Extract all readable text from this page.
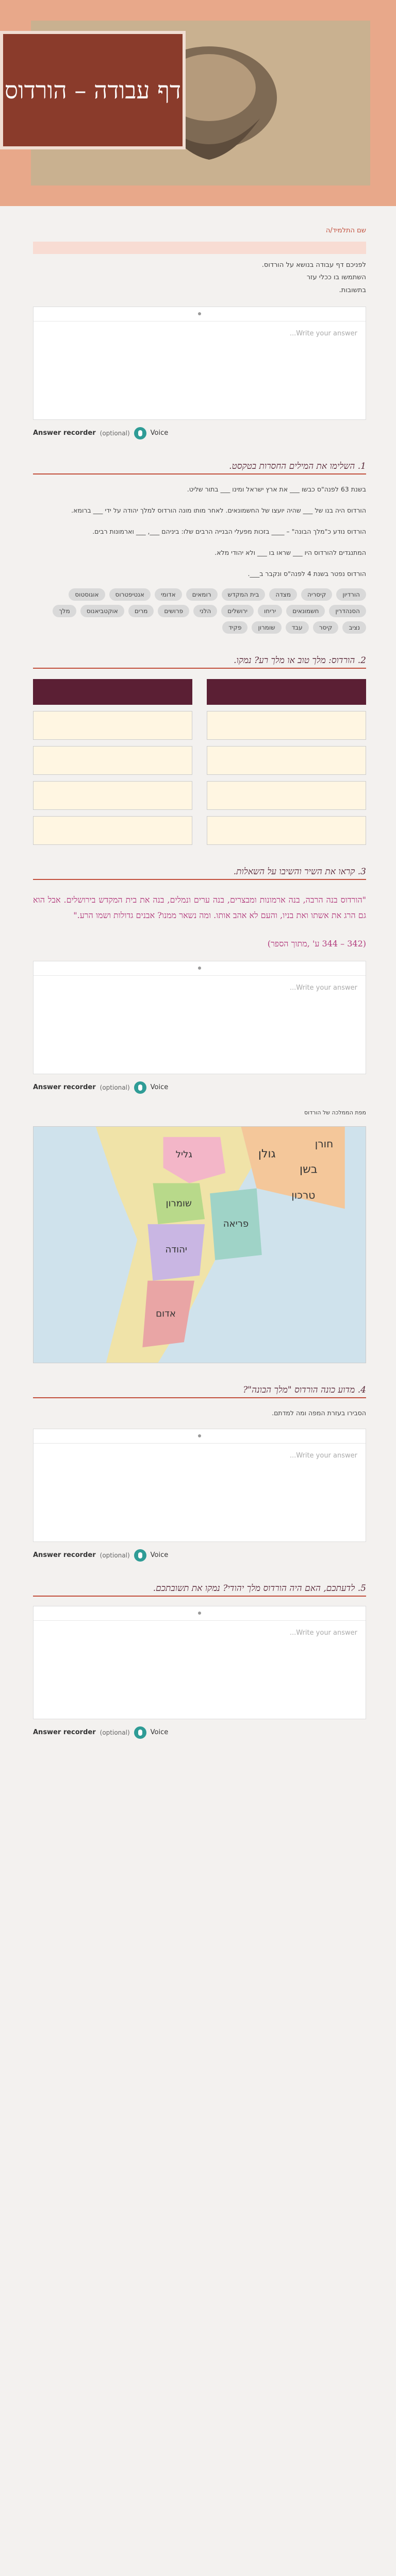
דף עבודה – הורדוס
שם התלמיד/ה
לפניכם דף עבודה בנושא על הורדוס.
השתמשו בו ככלי עזר
בתשובות.
Write your answer...
Answer recorder (optional)	Voice
1. השלימו את המילים החסרות בטקסט.
בשנת 63 לפנה"ס כבשו ___ את ארץ ישראל ומינו ___ בתור שליט.
הורדוס היה בנו של ___ שהיה יועצו של החשמונאים. לאחר מותו מונה הורדוס למלך יהודה על ידי ___ ברומא.
הורדוס נודע כ"מלך הבונה" – ____ בזכות מפעלי הבנייה הרבים שלו: ביניהם ___, ___ וארמונות רבים.
המתנגדים להורדוס היו ___ שראו בו ___ ולא יהודי מלא.
הורדוס נפטר בשנת 4 לפנה"ס ונקבר ב___.
הורדיון
קיסריה
מצדה
בית המקדש
רומאים
אדומי
אנטיפטרוס
אוגוסטוס
הסנהדרין
חשמונאים
יריחו
ירושלים
הלני
פרושים
מרים
אוקטביאנוס
מלך
נציב
קיסר
עבד
שומרון
פקיד
2. הורדוס: מלך טוב או מלך רע? נמקו.
3. קראו את השיר והשיבו על השאלות.
"הורדוס בנה הרבה, בנה ארמונות ומבצרים, בנה ערים ונמלים, בנה את בית המקדש בירושלים. אבל הוא גם הרג את אשתו ואת בניו, והעם לא אהב אותו. ומה נשאר ממנו? אבנים גדולות ושמו הרע."
(342 – 344 ע' ,מתוך הספר)
Write your answer...
Answer recorder (optional)	Voice
מפת הממלכה של הורדוס
גליל
שומרון
יהודה
פריאה
אדום
גולן
בשן
חורן
טרכון
4. מדוע כונה הורדוס "מלך הבונה"?
הסבירו בעזרת המפה ומה למדתם.
Write your answer...
Answer recorder (optional)	Voice
5. לדעתכם, האם היה הורדוס מלך יהודי? נמקו את תשובתכם.
Write your answer...
Answer recorder (optional)	Voice
